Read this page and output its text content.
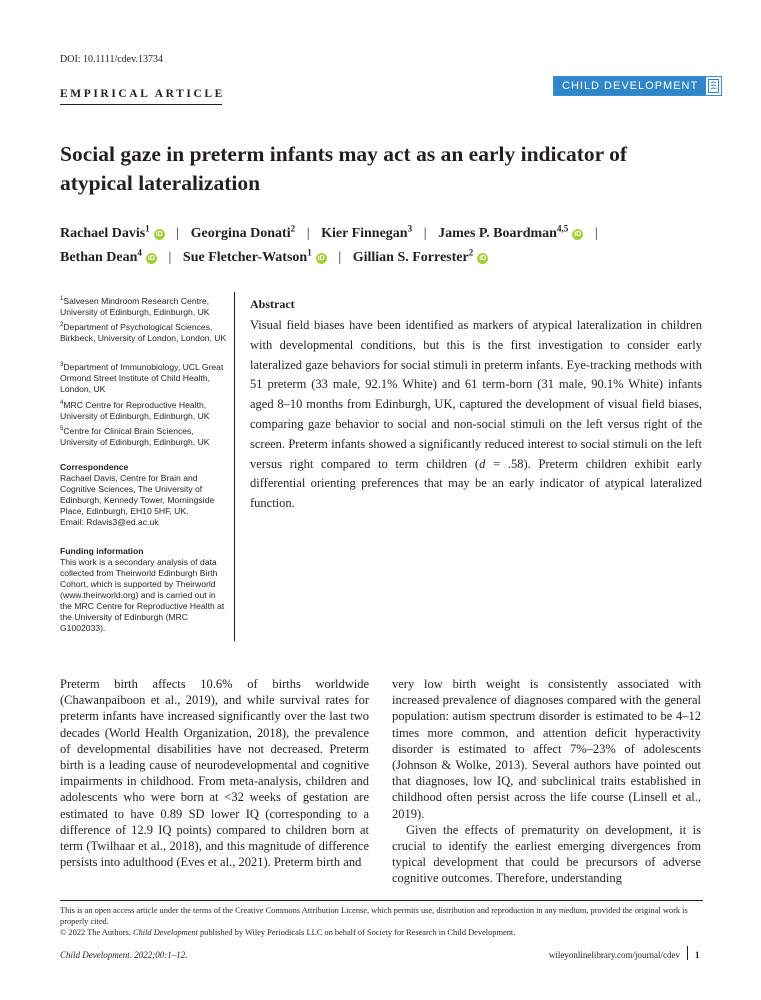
DOI: 10.1111/cdev.13734
EMPIRICAL ARTICLE
CHILD DEVELOPMENT
Social gaze in preterm infants may act as an early indicator of atypical lateralization
Rachael Davis$^1$iD | Georgina Donati$^2$ | Kier Finnegan$^3$ | James P. Boardman$^{4,5}$iD |
Bethan Dean$^4$iD | Sue Fletcher-Watson$^1$iD | Gillian S. Forrester$^2$iD
$^1$Salvesen Mindroom Research Centre, University of Edinburgh, Edinburgh, UK
$^2$Department of Psychological Sciences, Birkbeck, University of London, London, UK
$^3$Department of Immunobiology, UCL Great Ormond Street Institute of Child Health, London, UK
$^4$MRC Centre for Reproductive Health, University of Edinburgh, Edinburgh, UK
$^5$Centre for Clinical Brain Sciences, University of Edinburgh, Edinburgh, UK
Correspondence
Rachael Davis, Centre for Brain and Cognitive Sciences, The University of Edinburgh, Kennedy Tower, Morningside Place, Edinburgh, EH10 5HF, UK.
Email: Rdavis3@ed.ac.uk
Funding information
This work is a secondary analysis of data collected from Theirworld Edinburgh Birth Cohort, which is supported by Theirworld (www.theirworld.org) and is carried out in the MRC Centre for Reproductive Health at the University of Edinburgh (MRC G1002033).
Abstract
Visual field biases have been identified as markers of atypical lateralization in children with developmental conditions, but this is the first investigation to consider early lateralized gaze behaviors for social stimuli in preterm infants. Eye-tracking methods with 51 preterm (33 male, 92.1% White) and 61 term-born (31 male, 90.1% White) infants aged 8–10 months from Edinburgh, UK, captured the development of visual field biases, comparing gaze behavior to social and non-social stimuli on the left versus right of the screen. Preterm infants showed a significantly reduced interest to social stimuli on the left versus right compared to term children (d = .58). Preterm children exhibit early differential orienting preferences that may be an early indicator of atypical lateralized function.

Preterm birth affects 10.6% of births worldwide (Chawanpaiboon et al., 2019), and while survival rates for preterm infants have increased significantly over the last two decades (World Health Organization, 2018), the prevalence of developmental disabilities have not decreased. Preterm birth is a leading cause of neurodevelopmental and cognitive impairments in childhood. From meta-analysis, children and adolescents who were born at <32 weeks of gestation are estimated to have 0.89 SD lower IQ (corresponding to a difference of 12.9 IQ points) compared to children born at term (Twilhaar et al., 2018), and this magnitude of difference persists into adulthood (Eves et al., 2021). Preterm birth and

very low birth weight is consistently associated with increased prevalence of diagnoses compared with the general population: autism spectrum disorder is estimated to be 4–12 times more common, and attention deficit hyperactivity disorder is estimated to affect 7%–23% of adolescents (Johnson & Wolke, 2013). Several authors have pointed out that diagnoses, low IQ, and subclinical traits established in childhood often persist across the life course (Linsell et al., 2019).

Given the effects of prematurity on development, it is crucial to identify the earliest emerging divergences from typical development that could be precursors of adverse cognitive outcomes. Therefore, understanding

This is an open access article under the terms of the Creative Commons Attribution License, which permits use, distribution and reproduction in any medium, provided the original work is properly cited.
© 2022 The Authors. Child Development published by Wiley Periodicals LLC on behalf of Society for Research in Child Development.
Child Development. 2022;00:1–12.	wileyonlinelibrary.com/journal/cdev 1
